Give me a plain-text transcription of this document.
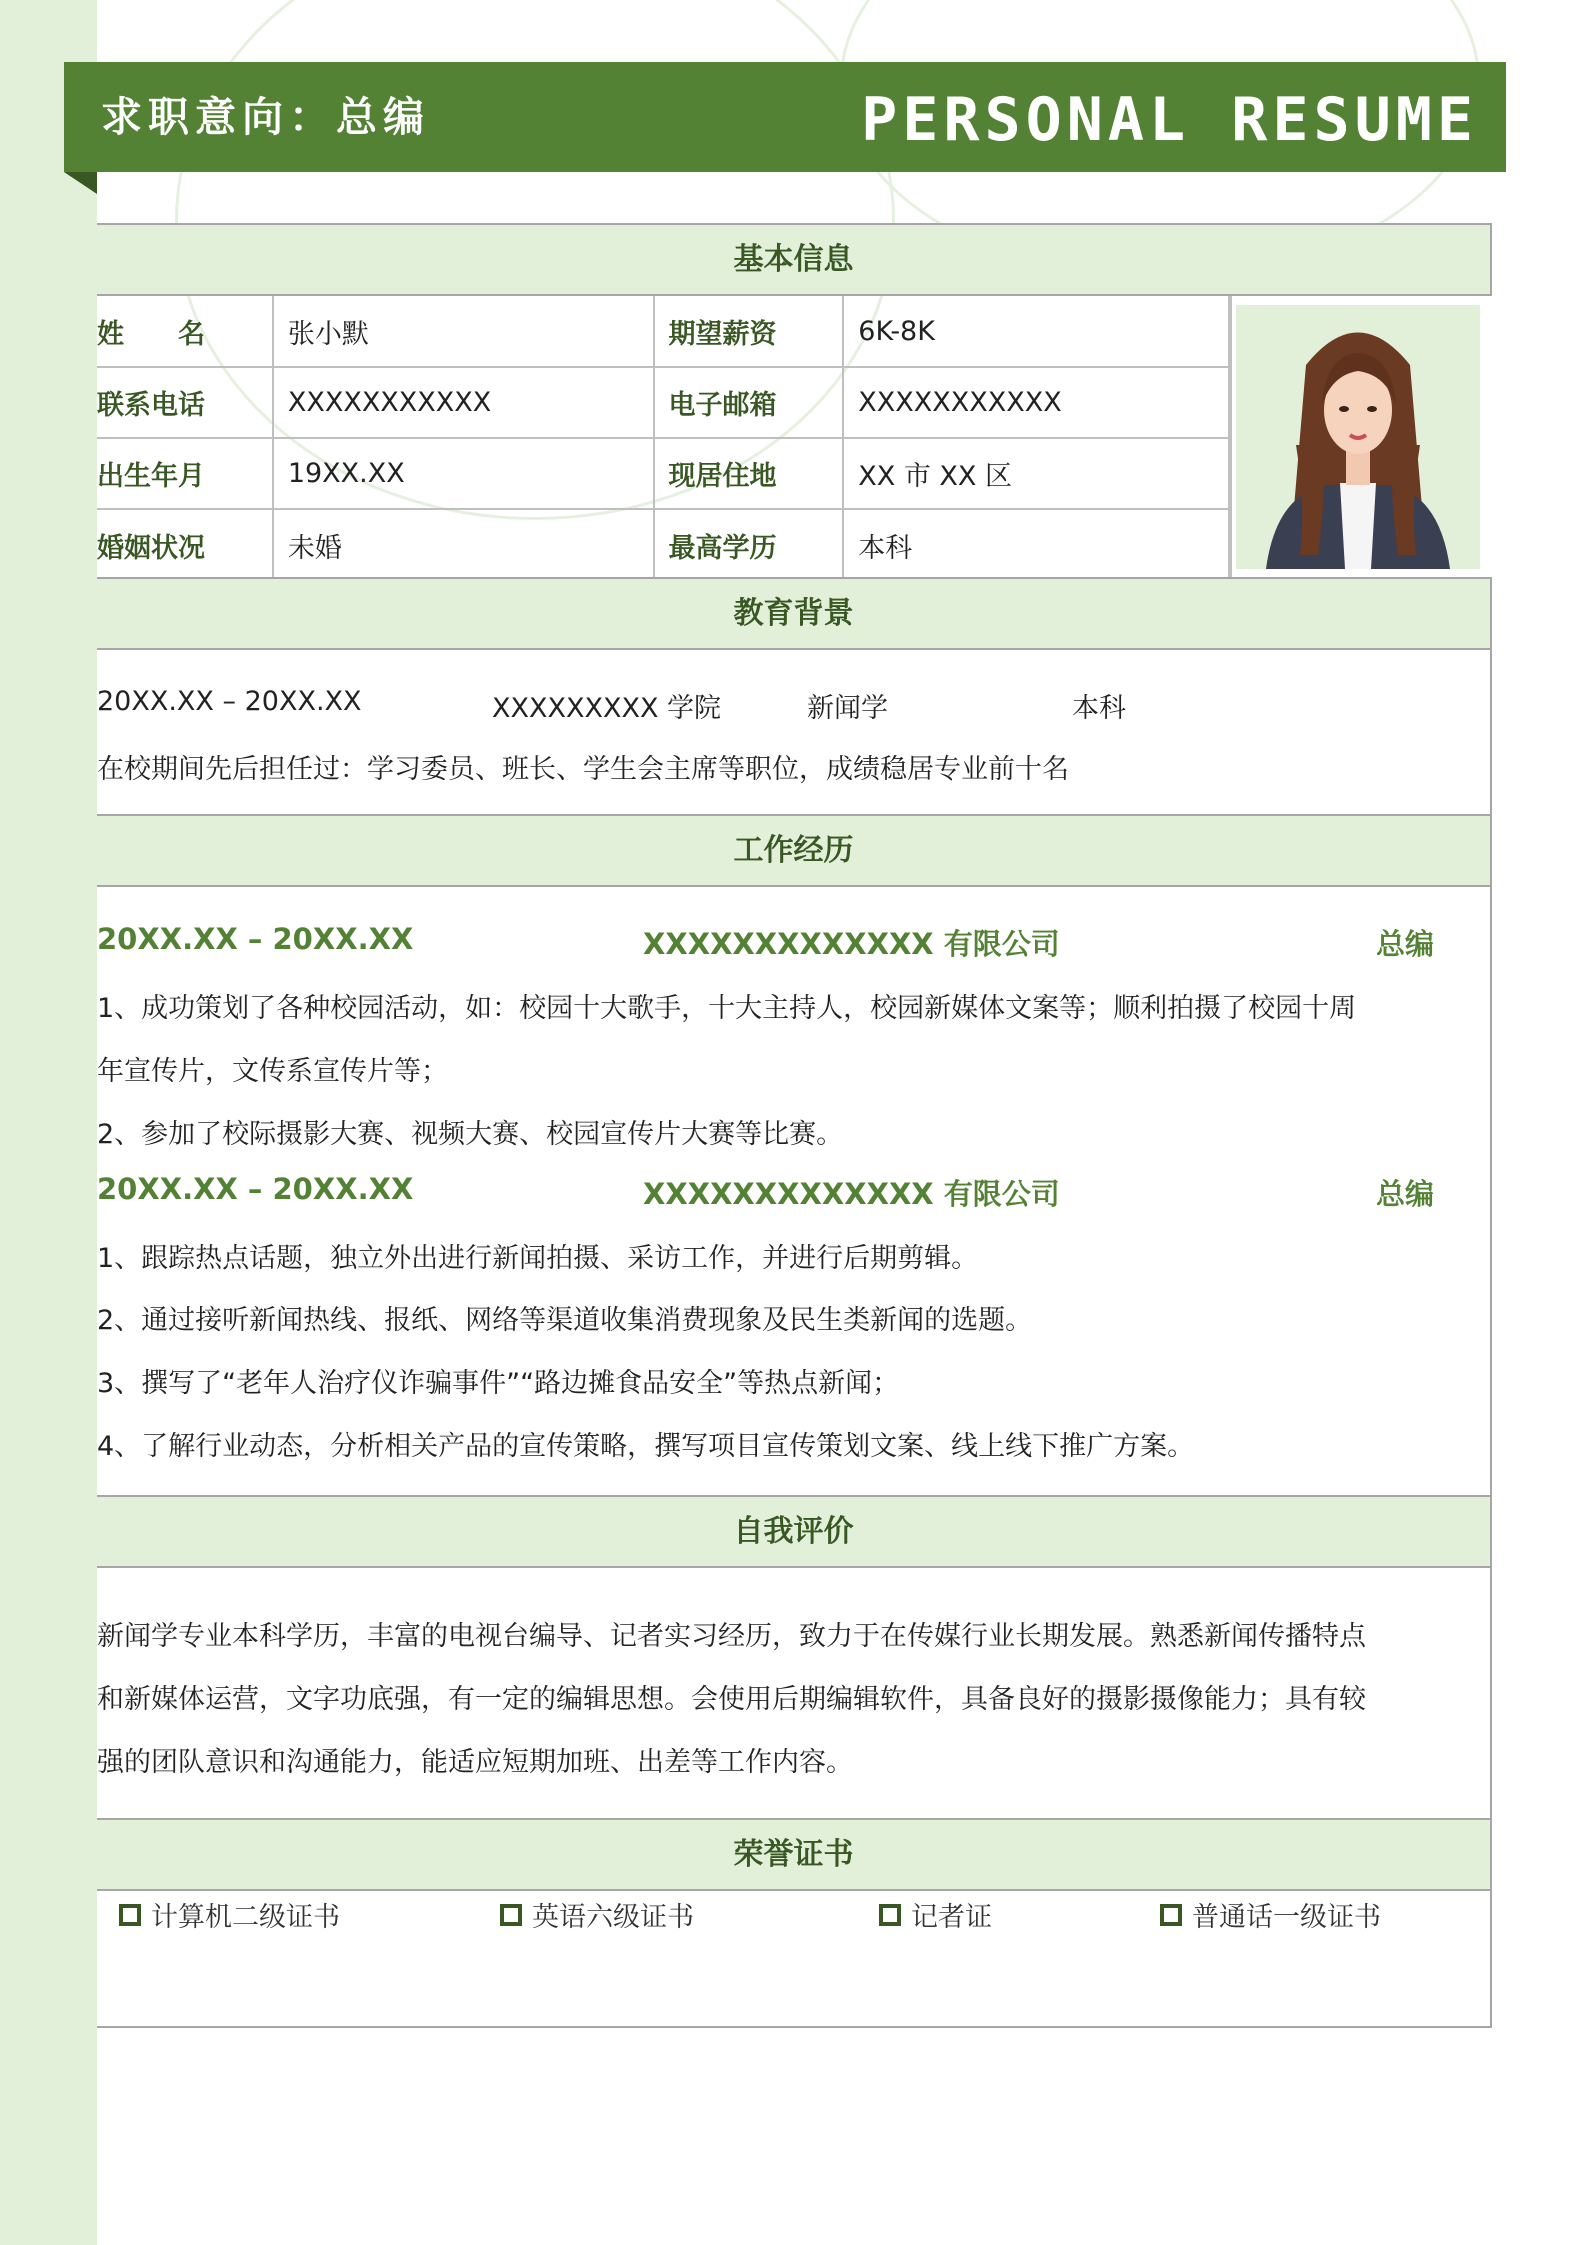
求职意向：总编	PERSONAL RESUME
基本信息
姓　　名	张小默	期望薪资	6K-8K
联系电话	XXXXXXXXXXX	电子邮箱	XXXXXXXXXXX
出生年月	19XX.XX	现居住地	XX 市 XX 区
婚姻状况	未婚	最高学历	本科
教育背景
20XX.XX – 20XX.XX	XXXXXXXXX 学院	新闻学	本科
在校期间先后担任过：学习委员、班长、学生会主席等职位，成绩稳居专业前十名
工作经历
20XX.XX – 20XX.XX	XXXXXXXXXXXXX 有限公司	总编
1、成功策划了各种校园活动，如：校园十大歌手，十大主持人，校园新媒体文案等；顺利拍摄了校园十周
年宣传片，文传系宣传片等；
2、参加了校际摄影大赛、视频大赛、校园宣传片大赛等比赛。
20XX.XX – 20XX.XX	XXXXXXXXXXXXX 有限公司	总编
1、跟踪热点话题，独立外出进行新闻拍摄、采访工作，并进行后期剪辑。
2、通过接听新闻热线、报纸、网络等渠道收集消费现象及民生类新闻的选题。
3、撰写了“老年人治疗仪诈骗事件”“路边摊食品安全”等热点新闻；
4、了解行业动态，分析相关产品的宣传策略，撰写项目宣传策划文案、线上线下推广方案。
自我评价
新闻学专业本科学历，丰富的电视台编导、记者实习经历，致力于在传媒行业长期发展。熟悉新闻传播特点
和新媒体运营，文字功底强，有一定的编辑思想。会使用后期编辑软件，具备良好的摄影摄像能力；具有较
强的团队意识和沟通能力，能适应短期加班、出差等工作内容。
荣誉证书
计算机二级证书	英语六级证书	记者证	普通话一级证书
